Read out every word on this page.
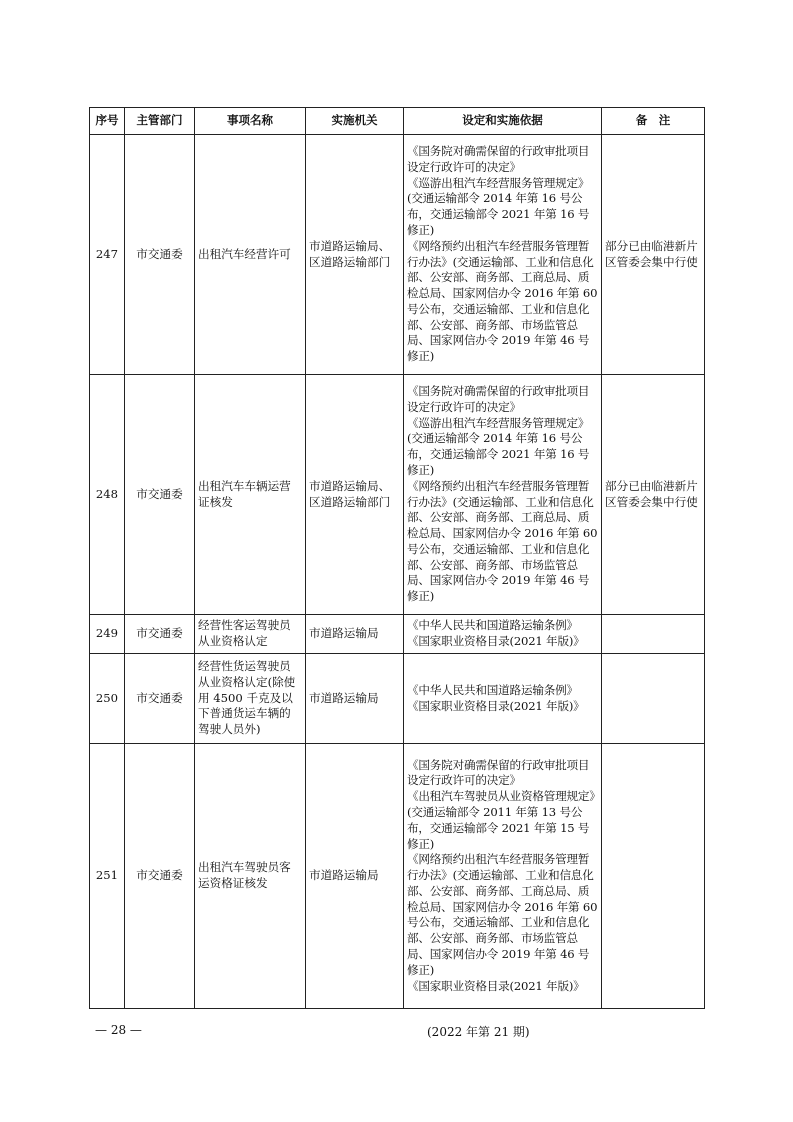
序号	主管部门	事项名称	实施机关	设定和实施依据	备　注
247	市交通委	出租汽车经营许可	市道路运输局、区道路运输部门	《国务院对确需保留的行政审批项目设定行政许可的决定》
《巡游出租汽车经营服务管理规定》(交通运输部令 2014 年第 16 号公布，交通运输部令 2021 年第 16 号修正)
《网络预约出租汽车经营服务管理暂行办法》(交通运输部、工业和信息化部、公安部、商务部、工商总局、质检总局、国家网信办令 2016 年第 60 号公布，交通运输部、工业和信息化部、公安部、商务部、市场监管总局、国家网信办令 2019 年第 46 号修正)	部分已由临港新片区管委会集中行使
248	市交通委	出租汽车车辆运营证核发	市道路运输局、区道路运输部门	《国务院对确需保留的行政审批项目设定行政许可的决定》
《巡游出租汽车经营服务管理规定》(交通运输部令 2014 年第 16 号公布，交通运输部令 2021 年第 16 号修正)
《网络预约出租汽车经营服务管理暂行办法》(交通运输部、工业和信息化部、公安部、商务部、工商总局、质检总局、国家网信办令 2016 年第 60 号公布，交通运输部、工业和信息化部、公安部、商务部、市场监管总局、国家网信办令 2019 年第 46 号修正)	部分已由临港新片区管委会集中行使
249	市交通委	经营性客运驾驶员从业资格认定	市道路运输局	《中华人民共和国道路运输条例》
《国家职业资格目录(2021 年版)》	

250	市交通委	经营性货运驾驶员从业资格认定(除使用 4500 千克及以下普通货运车辆的驾驶人员外)	市道路运输局	《中华人民共和国道路运输条例》
《国家职业资格目录(2021 年版)》	

251	市交通委	出租汽车驾驶员客运资格证核发	市道路运输局	《国务院对确需保留的行政审批项目设定行政许可的决定》
《出租汽车驾驶员从业资格管理规定》(交通运输部令 2011 年第 13 号公布，交通运输部令 2021 年第 15 号修正)
《网络预约出租汽车经营服务管理暂行办法》(交通运输部、工业和信息化部、公安部、商务部、工商总局、质检总局、国家网信办令 2016 年第 60 号公布，交通运输部、工业和信息化部、公安部、商务部、市场监管总局、国家网信办令 2019 年第 46 号修正)
《国家职业资格目录(2021 年版)》	

— 28 —	(2022 年第 21 期)
